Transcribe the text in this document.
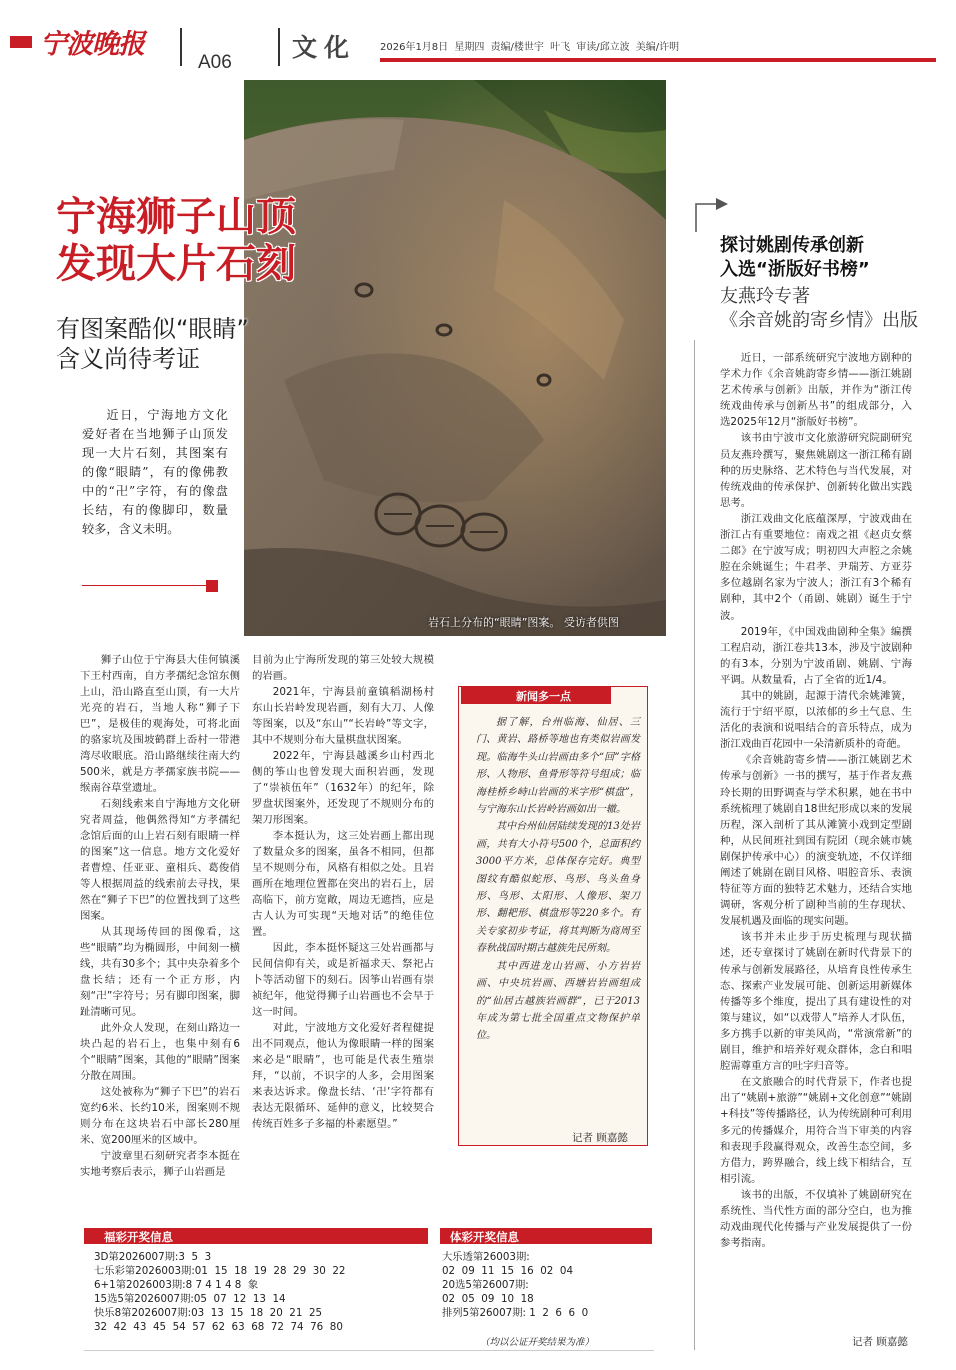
宁波晚报
A06
文化 2026年1月8日 星期四 责编/楼世宇 叶飞 审读/邱立波 美编/许明
岩石上分布的“眼睛”图案。 受访者供图
宁海狮子山顶
发现大片石刻
有图案酷似“眼睛”
含义尚待考证
近日，宁海地方文化爱好者在当地狮子山顶发现一大片石刻，其图案有的像“眼睛”，有的像佛教中的“卍”字符，有的像盘长结，有的像脚印，数量较多，含义未明。

狮子山位于宁海县大佳何镇溪下王村西南，自方孝孺纪念馆东侧上山，沿山路直至山顶，有一大片光亮的岩石，当地人称“狮子下巴”，是极佳的观海处，可将北面的骆家坑及围坡鹤群上岙村一带港湾尽收眼底。沿山路继续往南大约500米，就是方孝孺家族书院——缑南谷草堂遗址。

石刻线索来自宁海地方文化研究者周益，他偶然得知“方孝孺纪念馆后面的山上岩石刻有眼睛一样的图案”这一信息。地方文化爱好者曹煌、任亚亚、童相兵、葛俊俏等人根据周益的线索前去寻找，果然在“狮子下巴”的位置找到了这些图案。

从其现场传回的图像看，这些“眼睛”均为椭圆形，中间刻一横线，共有30多个；其中央杂着多个盘长结；还有一个正方形，内刻“卍”字符号；另有脚印图案，脚趾清晰可见。

此外众人发现，在刻山路边一块凸起的岩石上，也集中刻有6个“眼睛”图案，其他的“眼睛”图案分散在周围。

这处被称为“狮子下巴”的岩石宽约6米、长约10米，图案则不规则分布在这块岩石中部长280厘米、宽200厘米的区域中。

宁波章里石刻研究者李本挺在实地考察后表示，狮子山岩画是

目前为止宁海所发现的第三处较大规模的岩画。

2021年，宁海县前童镇稻湖杨村东山长岩岭发现岩画，刻有大刀、人像等图案，以及“东山”“长岩岭”等文字，其中不规则分布大量棋盘状图案。

2022年，宁海县越溪乡山村西北侧的筝山也曾发现大面积岩画，发现了“崇祯伍年”（1632年）的纪年，除罗盘状图案外，还发现了不规则分布的架刀形图案。

李本挺认为，这三处岩画上都出现了数量众多的图案，虽各不相同，但都呈不规则分布，风格有相似之处。且岩画所在地理位置都在突出的岩石上，居高临下，前方宽敞，周边无遮挡，应是古人认为可实现“天地对话”的绝佳位置。

因此，李本挺怀疑这三处岩画都与民间信仰有关，或是祈福求天、祭祀占卜等活动留下的刻石。因筝山岩画有崇祯纪年，他觉得狮子山岩画也不会早于这一时间。

对此，宁波地方文化爱好者程健提出不同观点，他认为像眼睛一样的图案来必是“眼睛”，也可能是代表生殖崇拜，“以前，不识字的人多，会用图案来表达诉求。像盘长结、‘卍’字符都有表达无限循环、延伸的意义，比较契合传统百姓多子多福的朴素愿望。”

新闻多一点

据了解，台州临海、仙居、三门、黄岩、路桥等地也有类似岩画发现。临海牛头山岩画由多个“回”字格形、人物形、鱼骨形等符号组成；临海桂桥乡峙山岩画的米字形“棋盘”，与宁海东山长岩岭岩画如出一辙。

其中台州仙居陆续发现的13处岩画，共有大小符号500个，总面积约3000平方米，总体保存完好。典型图纹有酷似蛇形、鸟形、鸟头鱼身形、鸟形、太阳形、人像形、架刀形、翻耙形、棋盘形等220多个。有关专家初步考证，将其判断为商周至春秋战国时期古越族先民所刻。

其中西进龙山岩画、小方岩岩画、中央坑岩画、西塘岩岩画组成的“仙居古越族岩画群”，已于2013年成为第七批全国重点文物保护单位。

记者 顾嘉懿
探讨姚剧传承创新
入选“浙版好书榜”
友燕玲专著
《余音姚韵寄乡情》出版

近日，一部系统研究宁波地方剧种的学术力作《余音姚韵寄乡情——浙江姚剧艺术传承与创新》出版，并作为“浙江传统戏曲传承与创新丛书”的组成部分，入选2025年12月“浙版好书榜”。

该书由宁波市文化旅游研究院副研究员友燕玲撰写，聚焦姚剧这一浙江稀有剧种的历史脉络、艺术特色与当代发展，对传统戏曲的传承保护、创新转化做出实践思考。

浙江戏曲文化底蕴深厚，宁波戏曲在浙江占有重要地位：南戏之祖《赵贞女蔡二郎》在宁波写成；明初四大声腔之余姚腔在余姚诞生；牛君孝、尹瑞芳、方亚芬多位越剧名家为宁波人；浙江有3个稀有剧种，其中2个（甬剧、姚剧）诞生于宁波。

2019年，《中国戏曲剧种全集》编撰工程启动，浙江卷共13本，涉及宁波剧种的有3本，分别为宁波甬剧、姚剧、宁海平调。从数量看，占了全省的近1/4。

其中的姚剧，起源于清代余姚滩簧，流行于宁绍平原，以浓郁的乡土气息、生活化的表演和说唱结合的音乐特点，成为浙江戏曲百花园中一朵清新质朴的奇葩。

《余音姚韵寄乡情——浙江姚剧艺术传承与创新》一书的撰写，基于作者友燕玲长期的田野调查与学术积累，她在书中系统梳理了姚剧自18世纪形成以来的发展历程，深入剖析了其从滩簧小戏到定型剧种，从民间班社到国有院团（现余姚市姚剧保护传承中心）的演变轨迹，不仅详细阐述了姚剧在剧目风格、唱腔音乐、表演特征等方面的独特艺术魅力，还结合实地调研，客观分析了剧种当前的生存现状、发展机遇及面临的现实问题。

该书并未止步于历史梳理与现状描述，还专章探讨了姚剧在新时代背景下的传承与创新发展路径，从培育良性传承生态、探索产业发展可能、创新运用新媒体传播等多个维度，提出了具有建设性的对策与建议，如“以戏带人”培养人才队伍，多方携手以新的审美风尚，“常演常新”的剧目，维护和培养好观众群体，念白和唱腔需尊重方言的吐字归音等。

在文旅融合的时代背景下，作者也提出了“姚剧+旅游”“姚剧+文化创意”“姚剧+科技”等传播路径，认为传统剧种可利用多元的传播媒介，用符合当下审美的内容和表现手段赢得观众，改善生态空间，多方借力，跨界融合，线上线下相结合，互相引流。

该书的出版，不仅填补了姚剧研究在系统性、当代性方面的部分空白，也为推动戏曲现代化传播与产业发展提供了一份参考指南。

记者 顾嘉懿
福彩开奖信息
3D第2026007期:3  5  3
七乐彩第2026003期:01  15  18  19  28  29  30  22
6+1第2026003期:8 7 4 1 4 8  象
15选5第2026007期:05  07  12  13  14
快乐8第2026007期:03  13  15  18  20  21  25
32  42  43  45  54  57  62  63  68  72  74  76  80
体彩开奖信息
大乐透第26003期:
02  09  11  15  16  02  04
20选5第26007期:
02  05  09  10  18
排列5第26007期: 1  2  6  6  0
（均以公证开奖结果为准）
